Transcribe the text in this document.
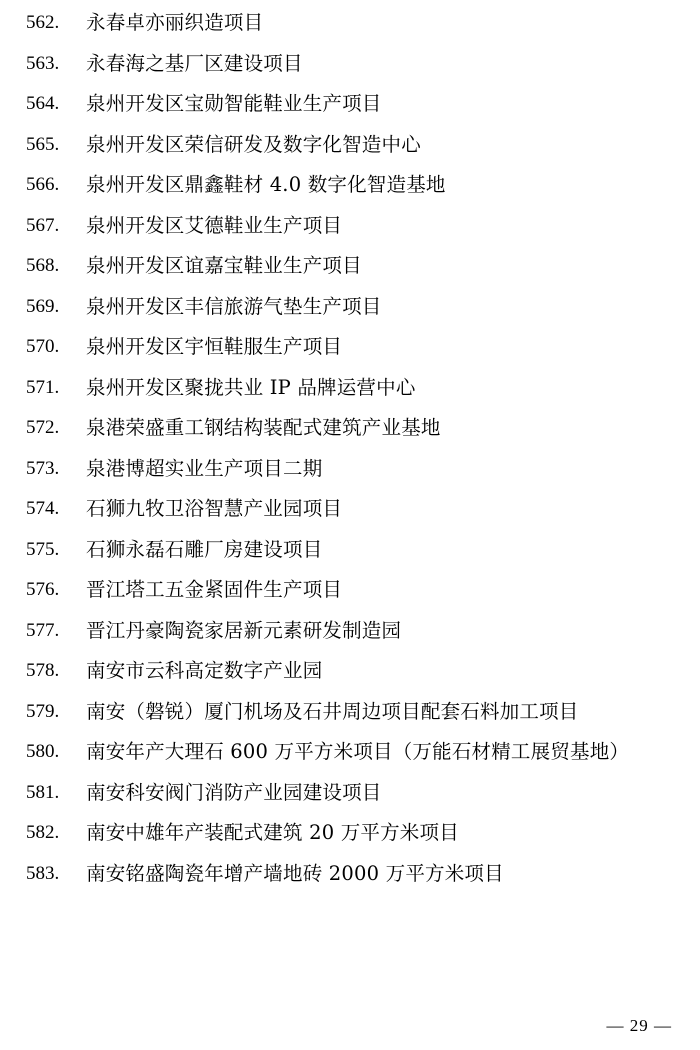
562.	永春卓亦丽织造项目
563.	永春海之基厂区建设项目
564.	泉州开发区宝勋智能鞋业生产项目
565.	泉州开发区荣信研发及数字化智造中心
566.	泉州开发区鼎鑫鞋材 4.0 数字化智造基地
567.	泉州开发区艾德鞋业生产项目
568.	泉州开发区谊嘉宝鞋业生产项目
569.	泉州开发区丰信旅游气垫生产项目
570.	泉州开发区宇恒鞋服生产项目
571.	泉州开发区聚拢共业 IP 品牌运营中心
572.	泉港荣盛重工钢结构装配式建筑产业基地
573.	泉港博超实业生产项目二期
574.	石狮九牧卫浴智慧产业园项目
575.	石狮永磊石雕厂房建设项目
576.	晋江塔工五金紧固件生产项目
577.	晋江丹豪陶瓷家居新元素研发制造园
578.	南安市云科高定数字产业园
579.	南安（磐锐）厦门机场及石井周边项目配套石料加工项目
580.	南安年产大理石 600 万平方米项目（万能石材精工展贸基地）
581.	南安科安阀门消防产业园建设项目
582.	南安中雄年产装配式建筑 20 万平方米项目
583.	南安铭盛陶瓷年增产墙地砖 2000 万平方米项目
— 29 —
